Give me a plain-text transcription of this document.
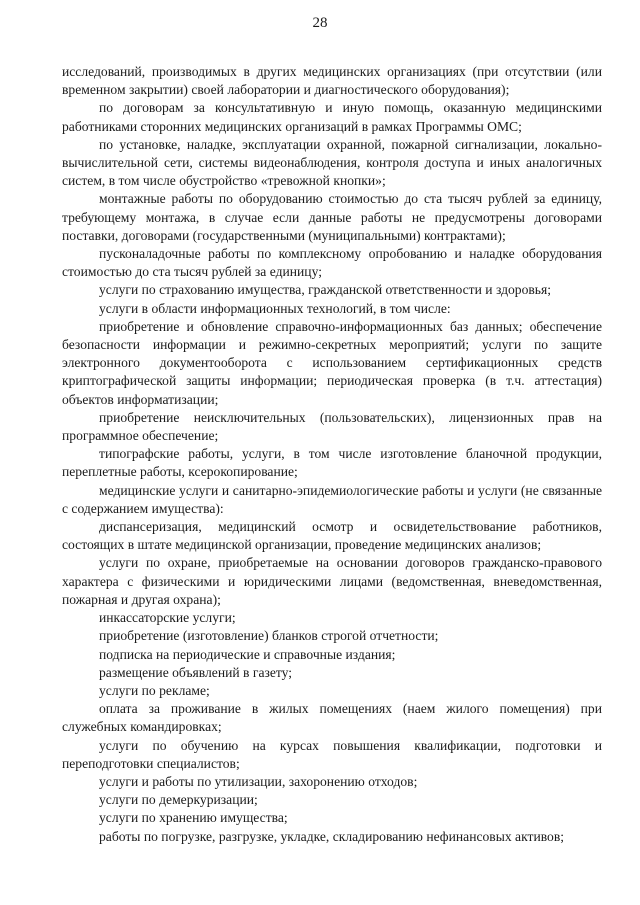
28

исследований, производимых в других медицинских организациях (при отсутствии (или временном закрытии) своей лаборатории и диагностического оборудования);

по договорам за консультативную и иную помощь, оказанную медицинскими работниками сторонних медицинских организаций в рамках Программы ОМС;

по установке, наладке, эксплуатации охранной, пожарной сигнализации, локально-вычислительной сети, системы видеонаблюдения, контроля доступа и иных аналогичных систем, в том числе обустройство «тревожной кнопки»;

монтажные работы по оборудованию стоимостью до ста тысяч рублей за единицу, требующему монтажа, в случае если данные работы не предусмотрены договорами поставки, договорами (государственными (муниципальными) контрактами);

пусконаладочные работы по комплексному опробованию и наладке оборудования стоимостью до ста тысяч рублей за единицу;

услуги по страхованию имущества, гражданской ответственности и здоровья;

услуги в области информационных технологий, в том числе:

приобретение и обновление справочно-информационных баз данных; обеспечение безопасности информации и режимно-секретных мероприятий; услуги по защите электронного документооборота с использованием сертификационных средств криптографической защиты информации; периодическая проверка (в т.ч. аттестация) объектов информатизации;

приобретение неисключительных (пользовательских), лицензионных прав на программное обеспечение;

типографские работы, услуги, в том числе изготовление бланочной продукции, переплетные работы, ксерокопирование;

медицинские услуги и санитарно-эпидемиологические работы и услуги (не связанные с содержанием имущества):

диспансеризация, медицинский осмотр и освидетельствование работников, состоящих в штате медицинской организации, проведение медицинских анализов;

услуги по охране, приобретаемые на основании договоров гражданско-правового характера с физическими и юридическими лицами (ведомственная, вневедомственная, пожарная и другая охрана);

инкассаторские услуги;

приобретение (изготовление) бланков строгой отчетности;

подписка на периодические и справочные издания;

размещение объявлений в газету;

услуги по рекламе;

оплата за проживание в жилых помещениях (наем жилого помещения) при служебных командировках;

услуги по обучению на курсах повышения квалификации, подготовки и переподготовки специалистов;

услуги и работы по утилизации, захоронению отходов;

услуги по демеркуризации;

услуги по хранению имущества;

работы по погрузке, разгрузке, укладке, складированию нефинансовых активов;
